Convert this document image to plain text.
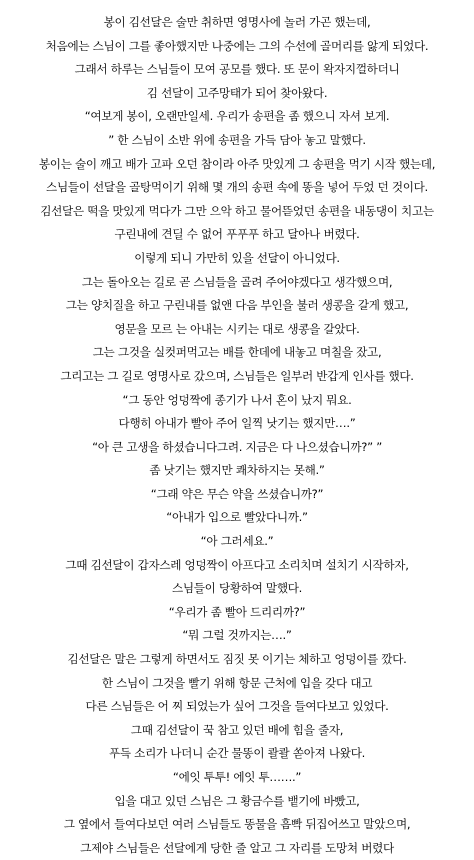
봉이 김선달은 술만 취하면 영명사에 놀러 가곤 했는데,
처음에는 스님이 그를 좋아했지만 나중에는 그의 수선에 골머리를 앓게 되었다.
그래서 하루는 스님들이 모여 공모를 했다. 또 문이 왁자지껄하더니
김 선달이 고주망태가 되어 찾아왔다.
“여보게 봉이, 오랜만일세. 우리가 송편을 좀 했으니 자셔 보게.
” 한 스님이 소반 위에 송편을 가득 담아 놓고 말했다.
봉이는 술이 깨고 배가 고파 오던 참이라 아주 맛있게 그 송편을 먹기 시작 했는데,
스님들이 선달을 골탕먹이기 위해 몇 개의 송편 속에 똥을 넣어 두었 던 것이다.
김선달은 떡을 맛있게 먹다가 그만 으악 하고 물어뜯었던 송편을 내동댕이 치고는
구린내에 견딜 수 없어 푸푸푸 하고 달아나 버렸다.
이렇게 되니 가만히 있을 선달이 아니었다.
그는 돌아오는 길로 곧 스님들을 골려 주어야겠다고 생각했으며,
그는 양치질을 하고 구린내를 없앤 다음 부인을 불러 생콩을 갈게 했고,
영문을 모르 는 아내는 시키는 대로 생콩을 갈았다.
그는 그것을 실컷퍼먹고는 배를 한데에 내놓고 며칠을 잤고,
그리고는 그 길로 영명사로 갔으며, 스님들은 일부러 반갑게 인사를 했다.
“그 동안 엉덩짝에 종기가 나서 혼이 났지 뭐요.
다행히 아내가 빨아 주어 일찍 낫기는 했지만….”
“아 큰 고생을 하셨습니다그려. 지금은 다 나으셨습니까?” ”
좀 낫기는 했지만 쾌차하지는 못해.”
“그래 약은 무슨 약을 쓰셨습니까?”
“아내가 입으로 빨았다니까.”
“아 그러세요.”
그때 김선달이 갑자스레 엉덩짝이 아프다고 소리치며 설치기 시작하자,
스님들이 당황하여 말했다.
“우리가 좀 빨아 드리리까?”
“뭐 그럴 것까지는….”
김선달은 말은 그렇게 하면서도 짐짓 못 이기는 체하고 엉덩이를 깠다.
한 스님이 그것을 빨기 위해 항문 근처에 입을 갖다 대고
다른 스님들은 어 찌 되었는가 싶어 그것을 들여다보고 있었다.
그때 김선달이 꾹 참고 있던 배에 힘을 줄자,
푸득 소리가 나더니 순간 물똥이 콸콸 쏟아져 나왔다.
“에잇 투투! 에잇 투…….”
입을 대고 있던 스님은 그 황금수를 뱉기에 바빴고,
그 옆에서 들여다보던 여러 스님들도 똥물을 흠빡 뒤집어쓰고 말았으며,
그제야 스님들은 선달에게 당한 줄 알고 그 자리를 도망쳐 버렸다
